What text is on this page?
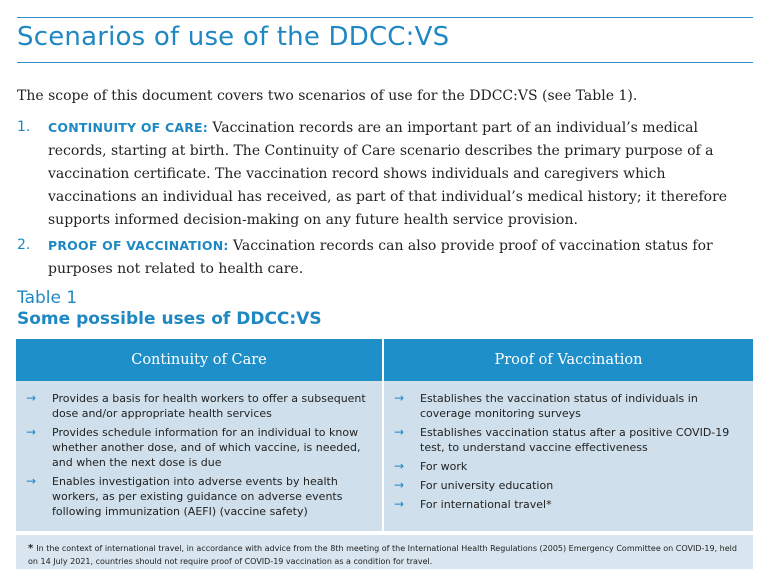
Scenarios of use of the DDCC:VS
The scope of this document covers two scenarios of use for the DDCC:VS (see Table 1).
1. CONTINUITY OF CARE: Vaccination records are an important part of an individual’s medical records, starting at birth. The Continuity of Care scenario describes the primary purpose of a vaccination certificate. The vaccination record shows individuals and caregivers which vaccinations an individual has received, as part of that individual’s medical history; it therefore supports informed decision-making on any future health service provision.
2. PROOF OF VACCINATION: Vaccination records can also provide proof of vaccination status for purposes not related to health care.
Table 1
Some possible uses of DDCC:VS
Continuity of Care	Proof of Vaccination
→ Provides a basis for health workers to offer a subsequent dose and/or appropriate health services
→ Provides schedule information for an individual to know whether another dose, and of which vaccine, is needed, and when the next dose is due
→ Enables investigation into adverse events by health workers, as per existing guidance on adverse events following immunization (AEFI) (vaccine safety)
→ Establishes the vaccination status of individuals in coverage monitoring surveys
→ Establishes vaccination status after a positive COVID-19 test, to understand vaccine effectiveness
→ For work
→ For university education
→ For international travel*
* In the context of international travel, in accordance with advice from the 8th meeting of the International Health Regulations (2005) Emergency Committee on COVID-19, held on 14 July 2021, countries should not require proof of COVID-19 vaccination as a condition for travel.
